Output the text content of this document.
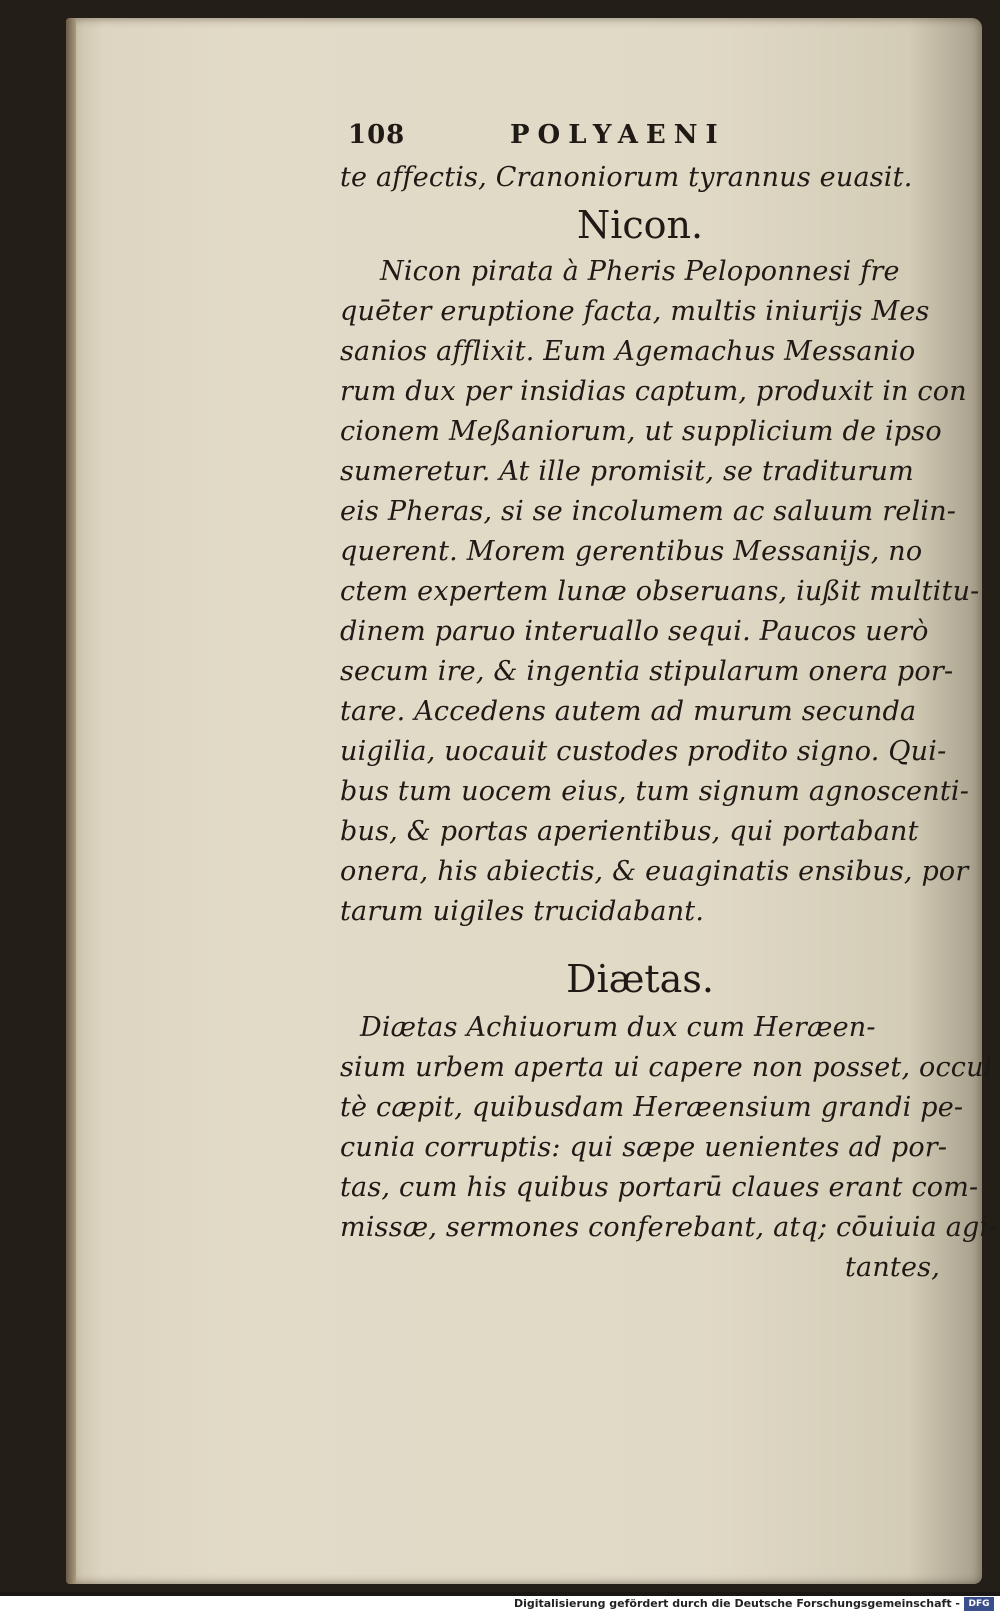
108	POLYAENI
te affectis, Cranoniorum tyrannus euasit.
Nicon.
Nicon pirata à Pheris Peloponnesi fre
quēter eruptione facta, multis iniurijs Mes
sanios afflixit. Eum Agemachus Messanio
rum dux per insidias captum, produxit in con
cionem Meßaniorum, ut supplicium de ipso
sumeretur. At ille promisit, se traditurum
eis Pheras, si se incolumem ac saluum relin-
querent. Morem gerentibus Messanijs, no
ctem expertem lunæ obseruans, iußit multitu-
dinem paruo interuallo sequi. Paucos uerò
secum ire, & ingentia stipularum onera por-
tare. Accedens autem ad murum secunda
uigilia, uocauit custodes prodito signo. Qui-
bus tum uocem eius, tum signum agnoscenti-
bus, & portas aperientibus, qui portabant
onera, his abiectis, & euaginatis ensibus, por
tarum uigiles trucidabant.
Diætas.
Diætas Achiuorum dux cum Heræen-
sium urbem aperta ui capere non posset, occul
tè cæpit, quibusdam Heræensium grandi pe-
cunia corruptis: qui sæpe uenientes ad por-
tas, cum his quibus portarū claues erant com-
missæ, sermones conferebant, atq; cōuiuia agi-
tantes,
Digitalisierung gefördert durch die Deutsche Forschungsgemeinschaft - DFG
